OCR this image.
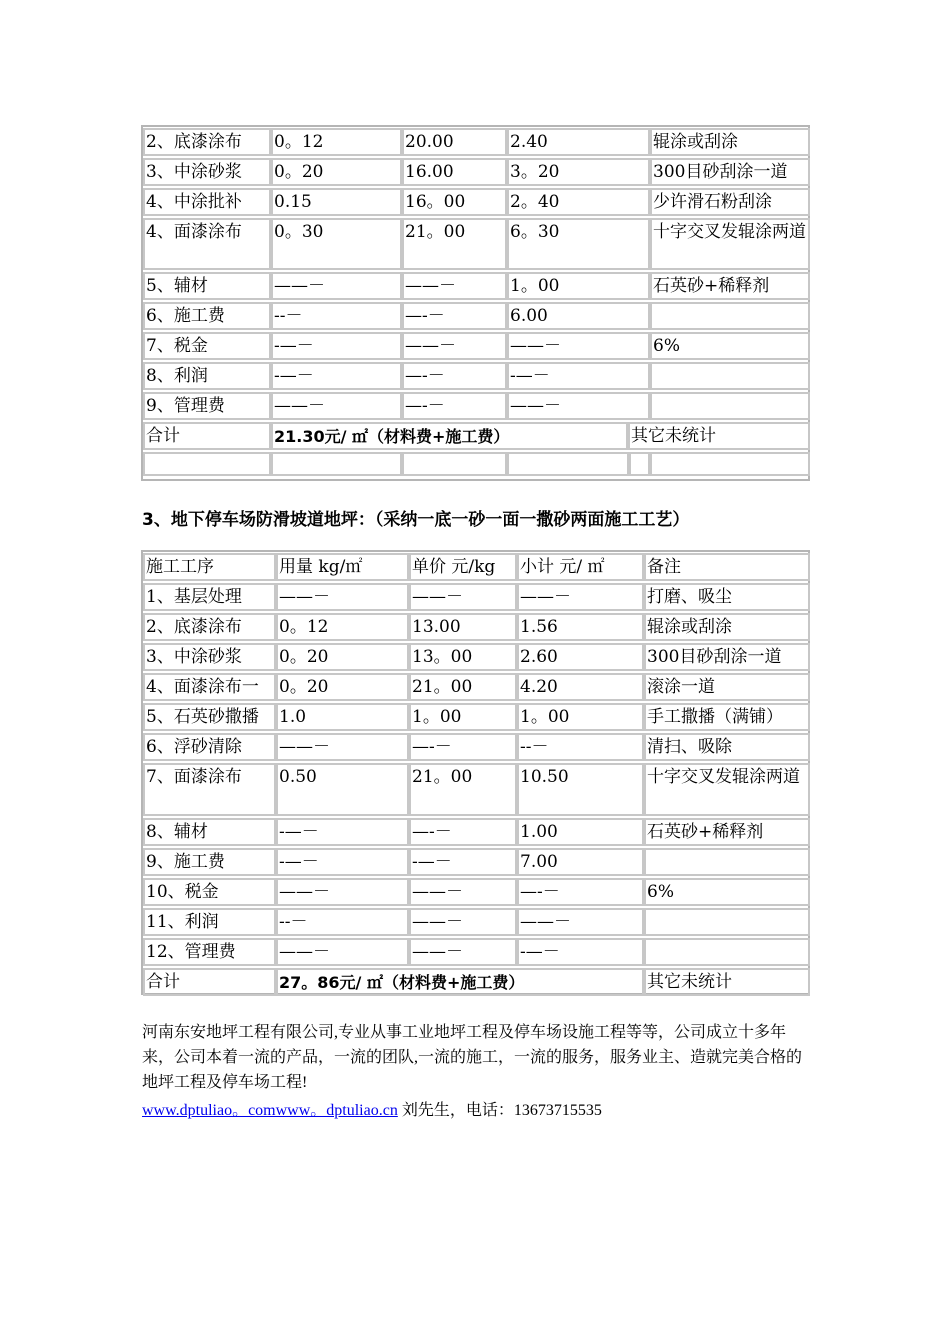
2、底漆涂布	0。12	20.00	2.40	辊涂或刮涂
3、中涂砂浆	0。20	16.00	3。20	300目砂刮涂一道
4、中涂批补	0.15	16。00	2。40	少许滑石粉刮涂
4、面漆涂布	0。30	21。00	6。30	十字交叉发辊涂两道
5、辅材	——－	——－	1。00	石英砂+稀释剂
6、施工费	--－	—-－	6.00
7、税金	-—－	——－	——－	6%
8、利润	-—－	—-－	-—－
9、管理费	——－	—-－	——－
合计	21.30元/ ㎡（材料费+施工费）	其它未统计
3、地下停车场防滑坡道地坪：（采纳一底一砂一面一撒砂两面施工工艺）
施工工序	用量 kg/㎡	单价 元/kg	小计 元/ ㎡	备注
1、基层处理	——－	——－	——－	打磨、吸尘
2、底漆涂布	0。12	13.00	1.56	辊涂或刮涂
3、中涂砂浆	0。20	13。00	2.60	300目砂刮涂一道
4、面漆涂布一	0。20	21。00	4.20	滚涂一道
5、石英砂撒播	1.0	1。00	1。00	手工撒播（满铺）
6、浮砂清除	——－	—-－	--－	清扫、吸除
7、面漆涂布	0.50	21。00	10.50	十字交叉发辊涂两道
8、辅材	-—－	—-－	1.00	石英砂+稀释剂
9、施工费	-—－	-—－	7.00
10、税金	——－	——－	—-－	6%
11、利润	--－	——－	——－
12、管理费	——－	——－	-—－
合计	27。86元/ ㎡（材料费+施工费）	其它未统计
河南东安地坪工程有限公司,专业从事工业地坪工程及停车场设施工程等等，公司成立十多年来，公司本着一流的产品，一流的团队,一流的施工，一流的服务，服务业主、造就完美合格的地坪工程及停车场工程!
www.dptuliao。comwww。dptuliao.cn 刘先生，电话：13673715535
